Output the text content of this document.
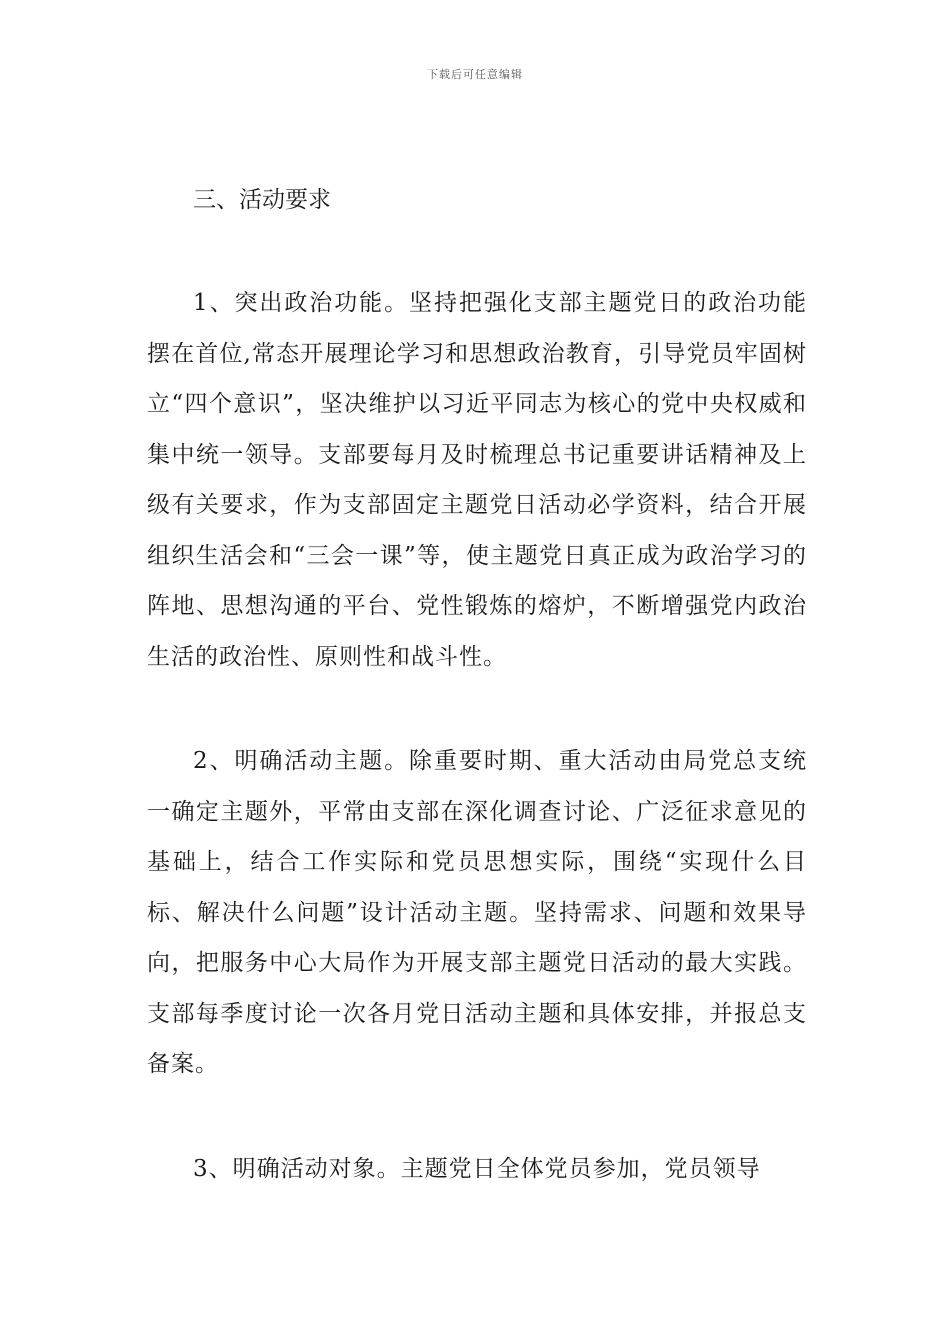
下载后可任意编辑
三、活动要求

1、突出政治功能。坚持把强化支部主题党日的政治功能摆在首位,常态开展理论学习和思想政治教育，引导党员牢固树立“四个意识”，坚决维护以习近平同志为核心的党中央权威和集中统一领导。支部要每月及时梳理总书记重要讲话精神及上级有关要求，作为支部固定主题党日活动必学资料，结合开展组织生活会和“三会一课”等，使主题党日真正成为政治学习的阵地、思想沟通的平台、党性锻炼的熔炉，不断增强党内政治生活的政治性、原则性和战斗性。

2、明确活动主题。除重要时期、重大活动由局党总支统一确定主题外，平常由支部在深化调查讨论、广泛征求意见的基础上，结合工作实际和党员思想实际，围绕“实现什么目标、解决什么问题”设计活动主题。坚持需求、问题和效果导向，把服务中心大局作为开展支部主题党日活动的最大实践。支部每季度讨论一次各月党日活动主题和具体安排，并报总支备案。

3、明确活动对象。主题党日全体党员参加，党员领导
